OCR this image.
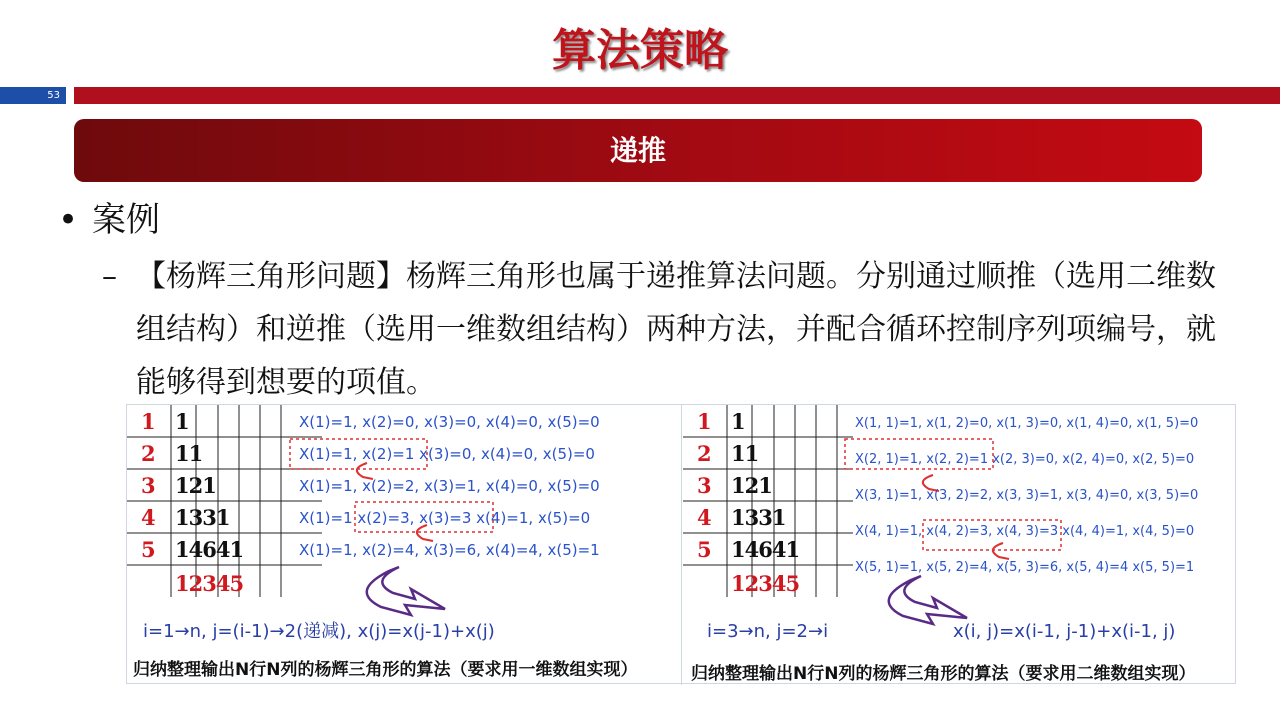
算法策略
53
递推
• 案例
– 【杨辉三角形问题】杨辉三角形也属于递推算法问题。分别通过顺推（选用二维数组结构）和逆推（选用一维数组结构）两种方法，并配合循环控制序列项编号，就能够得到想要的项值。
1 1
2 11
3 121
4 1331
5 14641
12345
X(1)=1, x(2)=0, x(3)=0, x(4)=0, x(5)=0
X(1)=1, x(2)=1 x(3)=0, x(4)=0, x(5)=0
X(1)=1, x(2)=2, x(3)=1, x(4)=0, x(5)=0
X(1)=1 x(2)=3, x(3)=3 x(4)=1, x(5)=0
X(1)=1, x(2)=4, x(3)=6, x(4)=4, x(5)=1
i=1→n, j=(i-1)→2(递减), x(j)=x(j-1)+x(j)
归纳整理输出N行N列的杨辉三角形的算法（要求用一维数组实现）
1 1
2 11
3 121
4 1331
5 14641
12345
X(1, 1)=1, x(1, 2)=0, x(1, 3)=0, x(1, 4)=0, x(1, 5)=0
X(2, 1)=1, x(2, 2)=1 x(2, 3)=0, x(2, 4)=0, x(2, 5)=0
X(3, 1)=1, x(3, 2)=2, x(3, 3)=1, x(3, 4)=0, x(3, 5)=0
X(4, 1)=1, x(4, 2)=3, x(4, 3)=3 x(4, 4)=1, x(4, 5)=0
X(5, 1)=1, x(5, 2)=4, x(5, 3)=6, x(5, 4)=4 x(5, 5)=1
i=3→n, j=2→i	x(i, j)=x(i-1, j-1)+x(i-1, j)
归纳整理输出N行N列的杨辉三角形的算法（要求用二维数组实现）
